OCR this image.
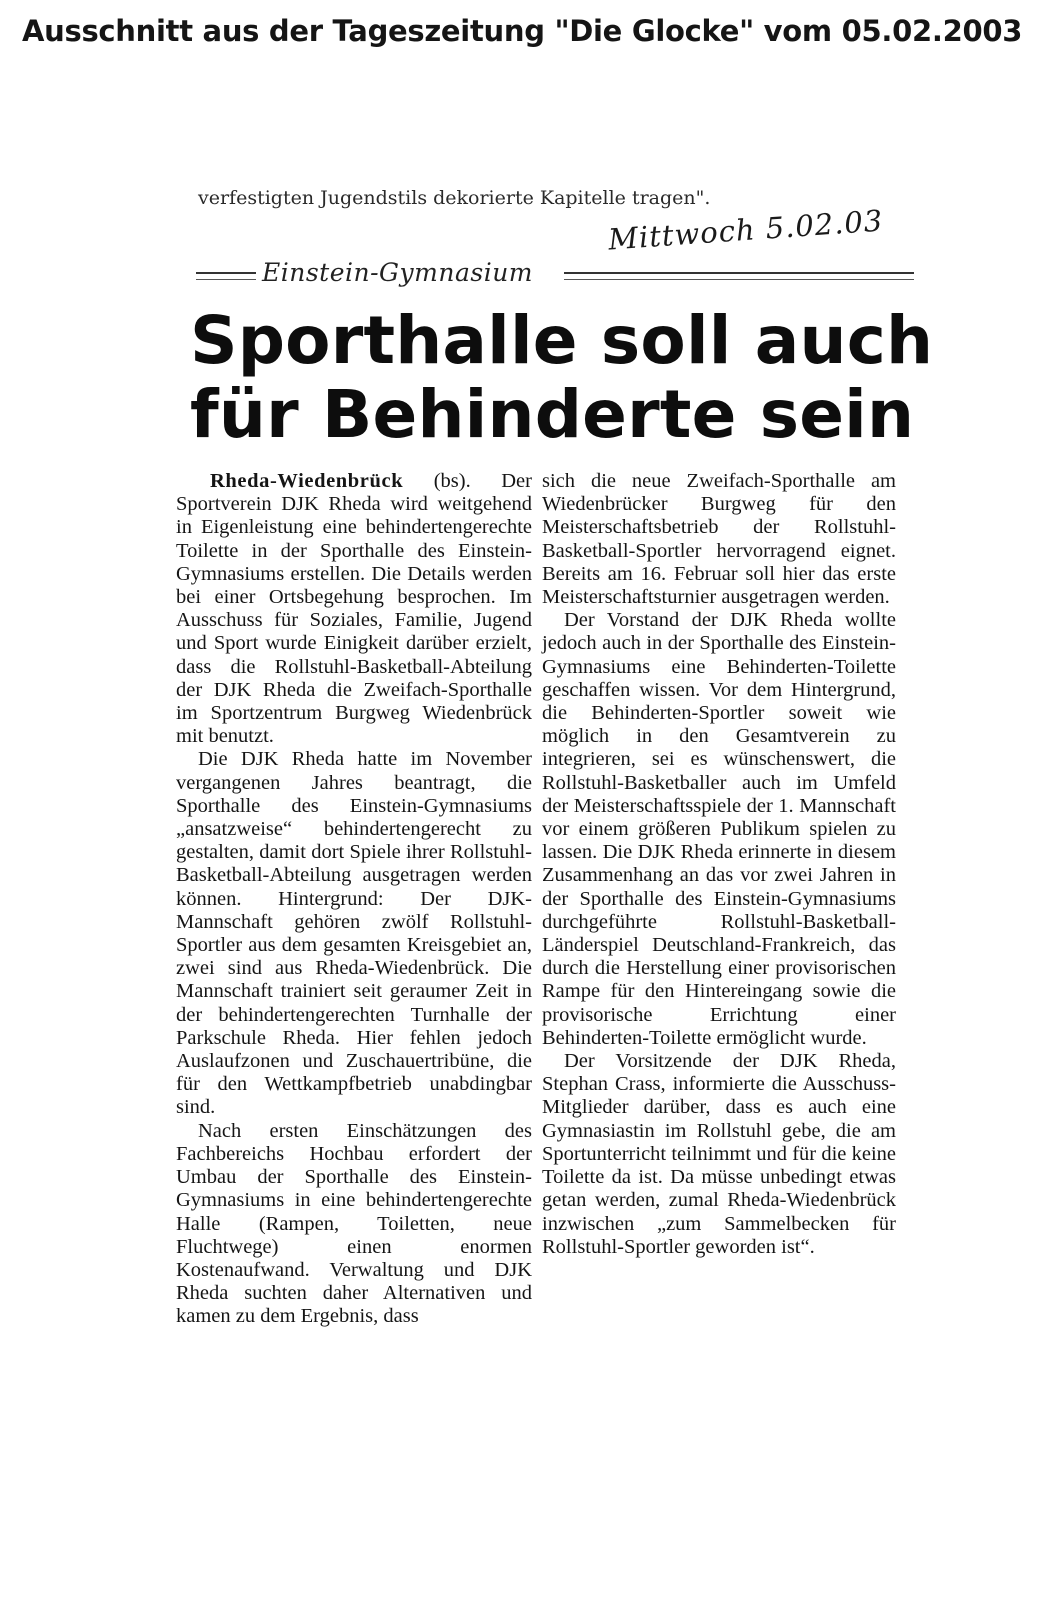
Ausschnitt aus der Tageszeitung "Die Glocke" vom 05.02.2003
verfestigten Jugendstils dekorierte Kapitelle tragen".
Mittwoch 5.02.03
Einstein-Gymnasium
Sporthalle soll auch
für Behinderte sein

Rheda-Wiedenbrück (bs). Der Sportverein DJK Rheda wird weitgehend in Eigenleistung eine behindertengerechte Toilette in der Sporthalle des Einstein-Gymnasiums erstellen. Die Details werden bei einer Ortsbegehung besprochen. Im Ausschuss für Soziales, Familie, Jugend und Sport wurde Einigkeit darüber erzielt, dass die Rollstuhl-Basketball-Abteilung der DJK Rheda die Zweifach-Sporthalle im Sportzentrum Burgweg Wiedenbrück mit benutzt.

Die DJK Rheda hatte im November vergangenen Jahres beantragt, die Sporthalle des Einstein-Gymnasiums „ansatzweise“ behindertengerecht zu gestalten, damit dort Spiele ihrer Rollstuhl-Basketball-Abteilung ausgetragen werden können. Hintergrund: Der DJK-Mannschaft gehören zwölf Rollstuhl-Sportler aus dem gesamten Kreisgebiet an, zwei sind aus Rheda-Wiedenbrück. Die Mannschaft trainiert seit geraumer Zeit in der behindertengerechten Turnhalle der Parkschule Rheda. Hier fehlen jedoch Auslaufzonen und Zuschauertribüne, die für den Wettkampfbetrieb unabdingbar sind.

Nach ersten Einschätzungen des Fachbereichs Hochbau erfordert der Umbau der Sporthalle des Einstein-Gymnasiums in eine behindertengerechte Halle (Rampen, Toiletten, neue Fluchtwege) einen enormen Kostenaufwand. Verwaltung und DJK Rheda suchten daher Alternativen und kamen zu dem Ergebnis, dass

sich die neue Zweifach-Sporthalle am Wiedenbrücker Burgweg für den Meisterschaftsbetrieb der Rollstuhl-Basketball-Sportler hervorragend eignet. Bereits am 16. Februar soll hier das erste Meisterschaftsturnier ausgetragen werden.

Der Vorstand der DJK Rheda wollte jedoch auch in der Sporthalle des Einstein-Gymnasiums eine Behinderten-Toilette geschaffen wissen. Vor dem Hintergrund, die Behinderten-Sportler soweit wie möglich in den Gesamtverein zu integrieren, sei es wünschenswert, die Rollstuhl-Basketballer auch im Umfeld der Meisterschaftsspiele der 1. Mannschaft vor einem größeren Publikum spielen zu lassen. Die DJK Rheda erinnerte in diesem Zusammenhang an das vor zwei Jahren in der Sporthalle des Einstein-Gymnasiums durchgeführte Rollstuhl-Basketball-Länderspiel Deutschland-Frankreich, das durch die Herstellung einer provisorischen Rampe für den Hintereingang sowie die provisorische Errichtung einer Behinderten-Toilette ermöglicht wurde.

Der Vorsitzende der DJK Rheda, Stephan Crass, informierte die Ausschuss-Mitglieder darüber, dass es auch eine Gymnasiastin im Rollstuhl gebe, die am Sportunterricht teilnimmt und für die keine Toilette da ist. Da müsse unbedingt etwas getan werden, zumal Rheda-Wiedenbrück inzwischen „zum Sammelbecken für Rollstuhl-Sportler geworden ist“.
